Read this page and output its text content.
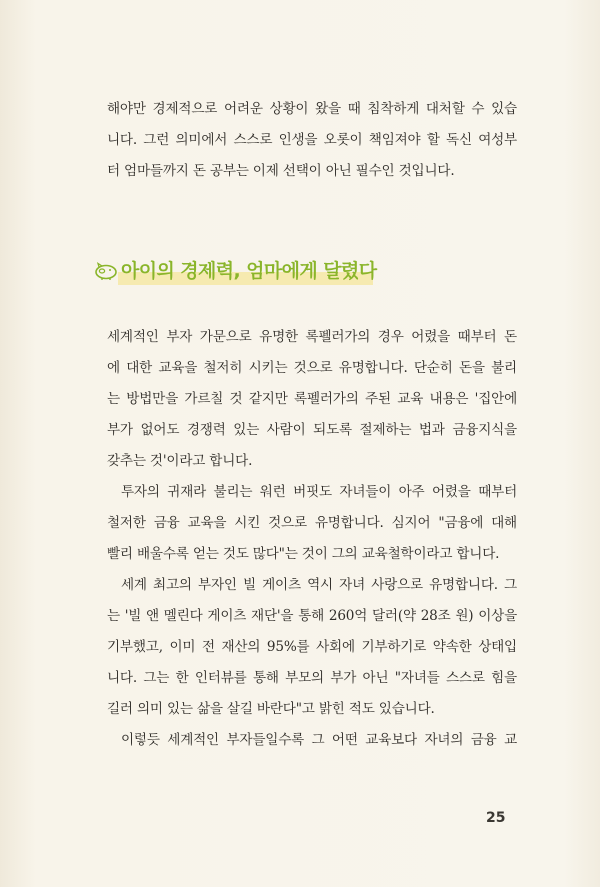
해야만 경제적으로 어려운 상황이 왔을 때 침착하게 대처할 수 있습
니다. 그런 의미에서 스스로 인생을 오롯이 책임져야 할 독신 여성부
터 엄마들까지 돈 공부는 이제 선택이 아닌 필수인 것입니다.
아이의 경제력, 엄마에게 달렸다
세계적인 부자 가문으로 유명한 록펠러가의 경우 어렸을 때부터 돈
에 대한 교육을 철저히 시키는 것으로 유명합니다. 단순히 돈을 불리
는 방법만을 가르칠 것 같지만 록펠러가의 주된 교육 내용은 '집안에
부가 없어도 경쟁력 있는 사람이 되도록 절제하는 법과 금융지식을
갖추는 것'이라고 합니다.
투자의 귀재라 불리는 워런 버핏도 자녀들이 아주 어렸을 때부터
철저한 금융 교육을 시킨 것으로 유명합니다. 심지어 "금융에 대해
빨리 배울수록 얻는 것도 많다"는 것이 그의 교육철학이라고 합니다.
세계 최고의 부자인 빌 게이츠 역시 자녀 사랑으로 유명합니다. 그
는 '빌 앤 멜린다 게이츠 재단'을 통해 260억 달러(약 28조 원) 이상을
기부했고, 이미 전 재산의 95%를 사회에 기부하기로 약속한 상태입
니다. 그는 한 인터뷰를 통해 부모의 부가 아닌 "자녀들 스스로 힘을
길러 의미 있는 삶을 살길 바란다"고 밝힌 적도 있습니다.
이렇듯 세계적인 부자들일수록 그 어떤 교육보다 자녀의 금융 교
25
